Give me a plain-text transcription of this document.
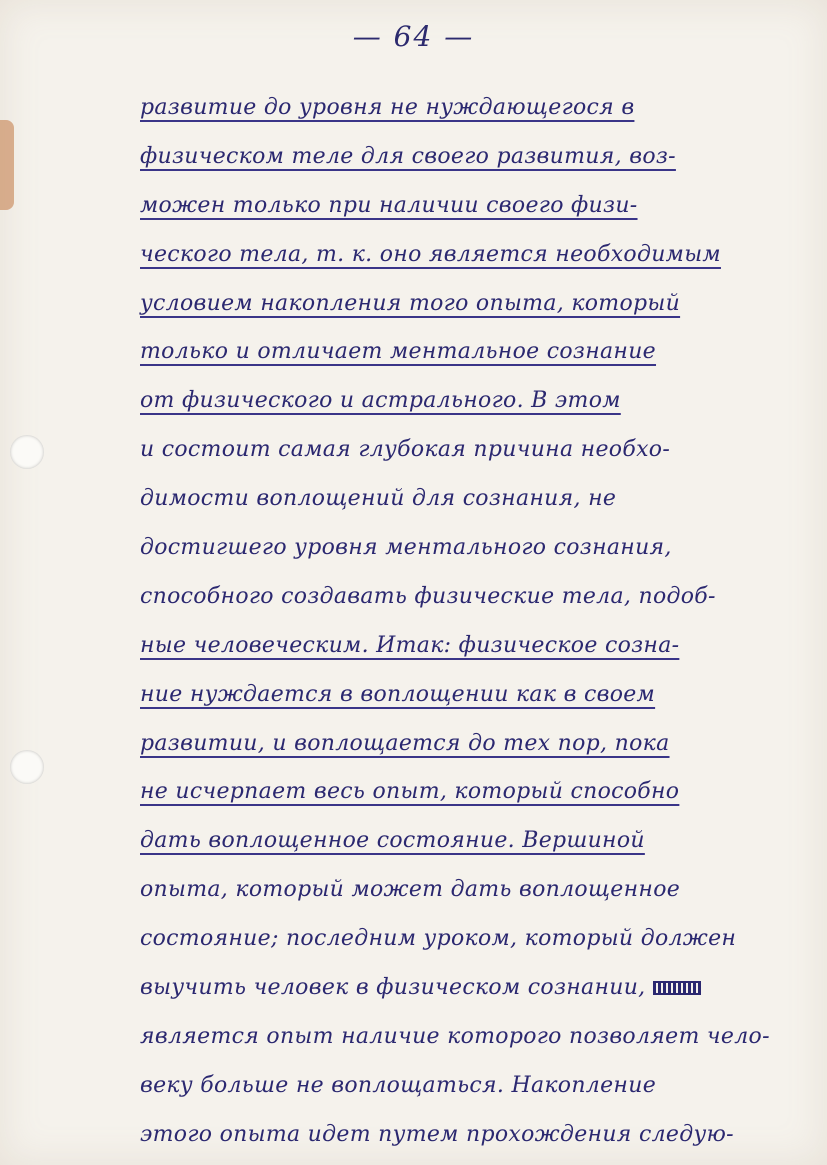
— 64 —
развитие до уровня не нуждающегося в
физическом теле для своего развития, воз-
можен только при наличии своего физи-
ческого тела, т. к. оно является необходимым
условием накопления того опыта, который
только и отличает ментальное сознание
от физического и астрального. В этом
и состоит самая глубокая причина необхо-
димости воплощений для сознания, не
достигшего уровня ментального сознания,
способного создавать физические тела, подоб-
ные человеческим. Итак: физическое созна-
ние нуждается в воплощении как в своем
развитии, и воплощается до тех пор, пока
не исчерпает весь опыт, который способно
дать воплощенное состояние. Вершиной
опыта, который может дать воплощенное
состояние; последним уроком, который должен
выучить человек в физическом сознании,
является опыт наличие которого позволяет чело-
веку больше не воплощаться. Накопление
этого опыта идет путем прохождения следую-
